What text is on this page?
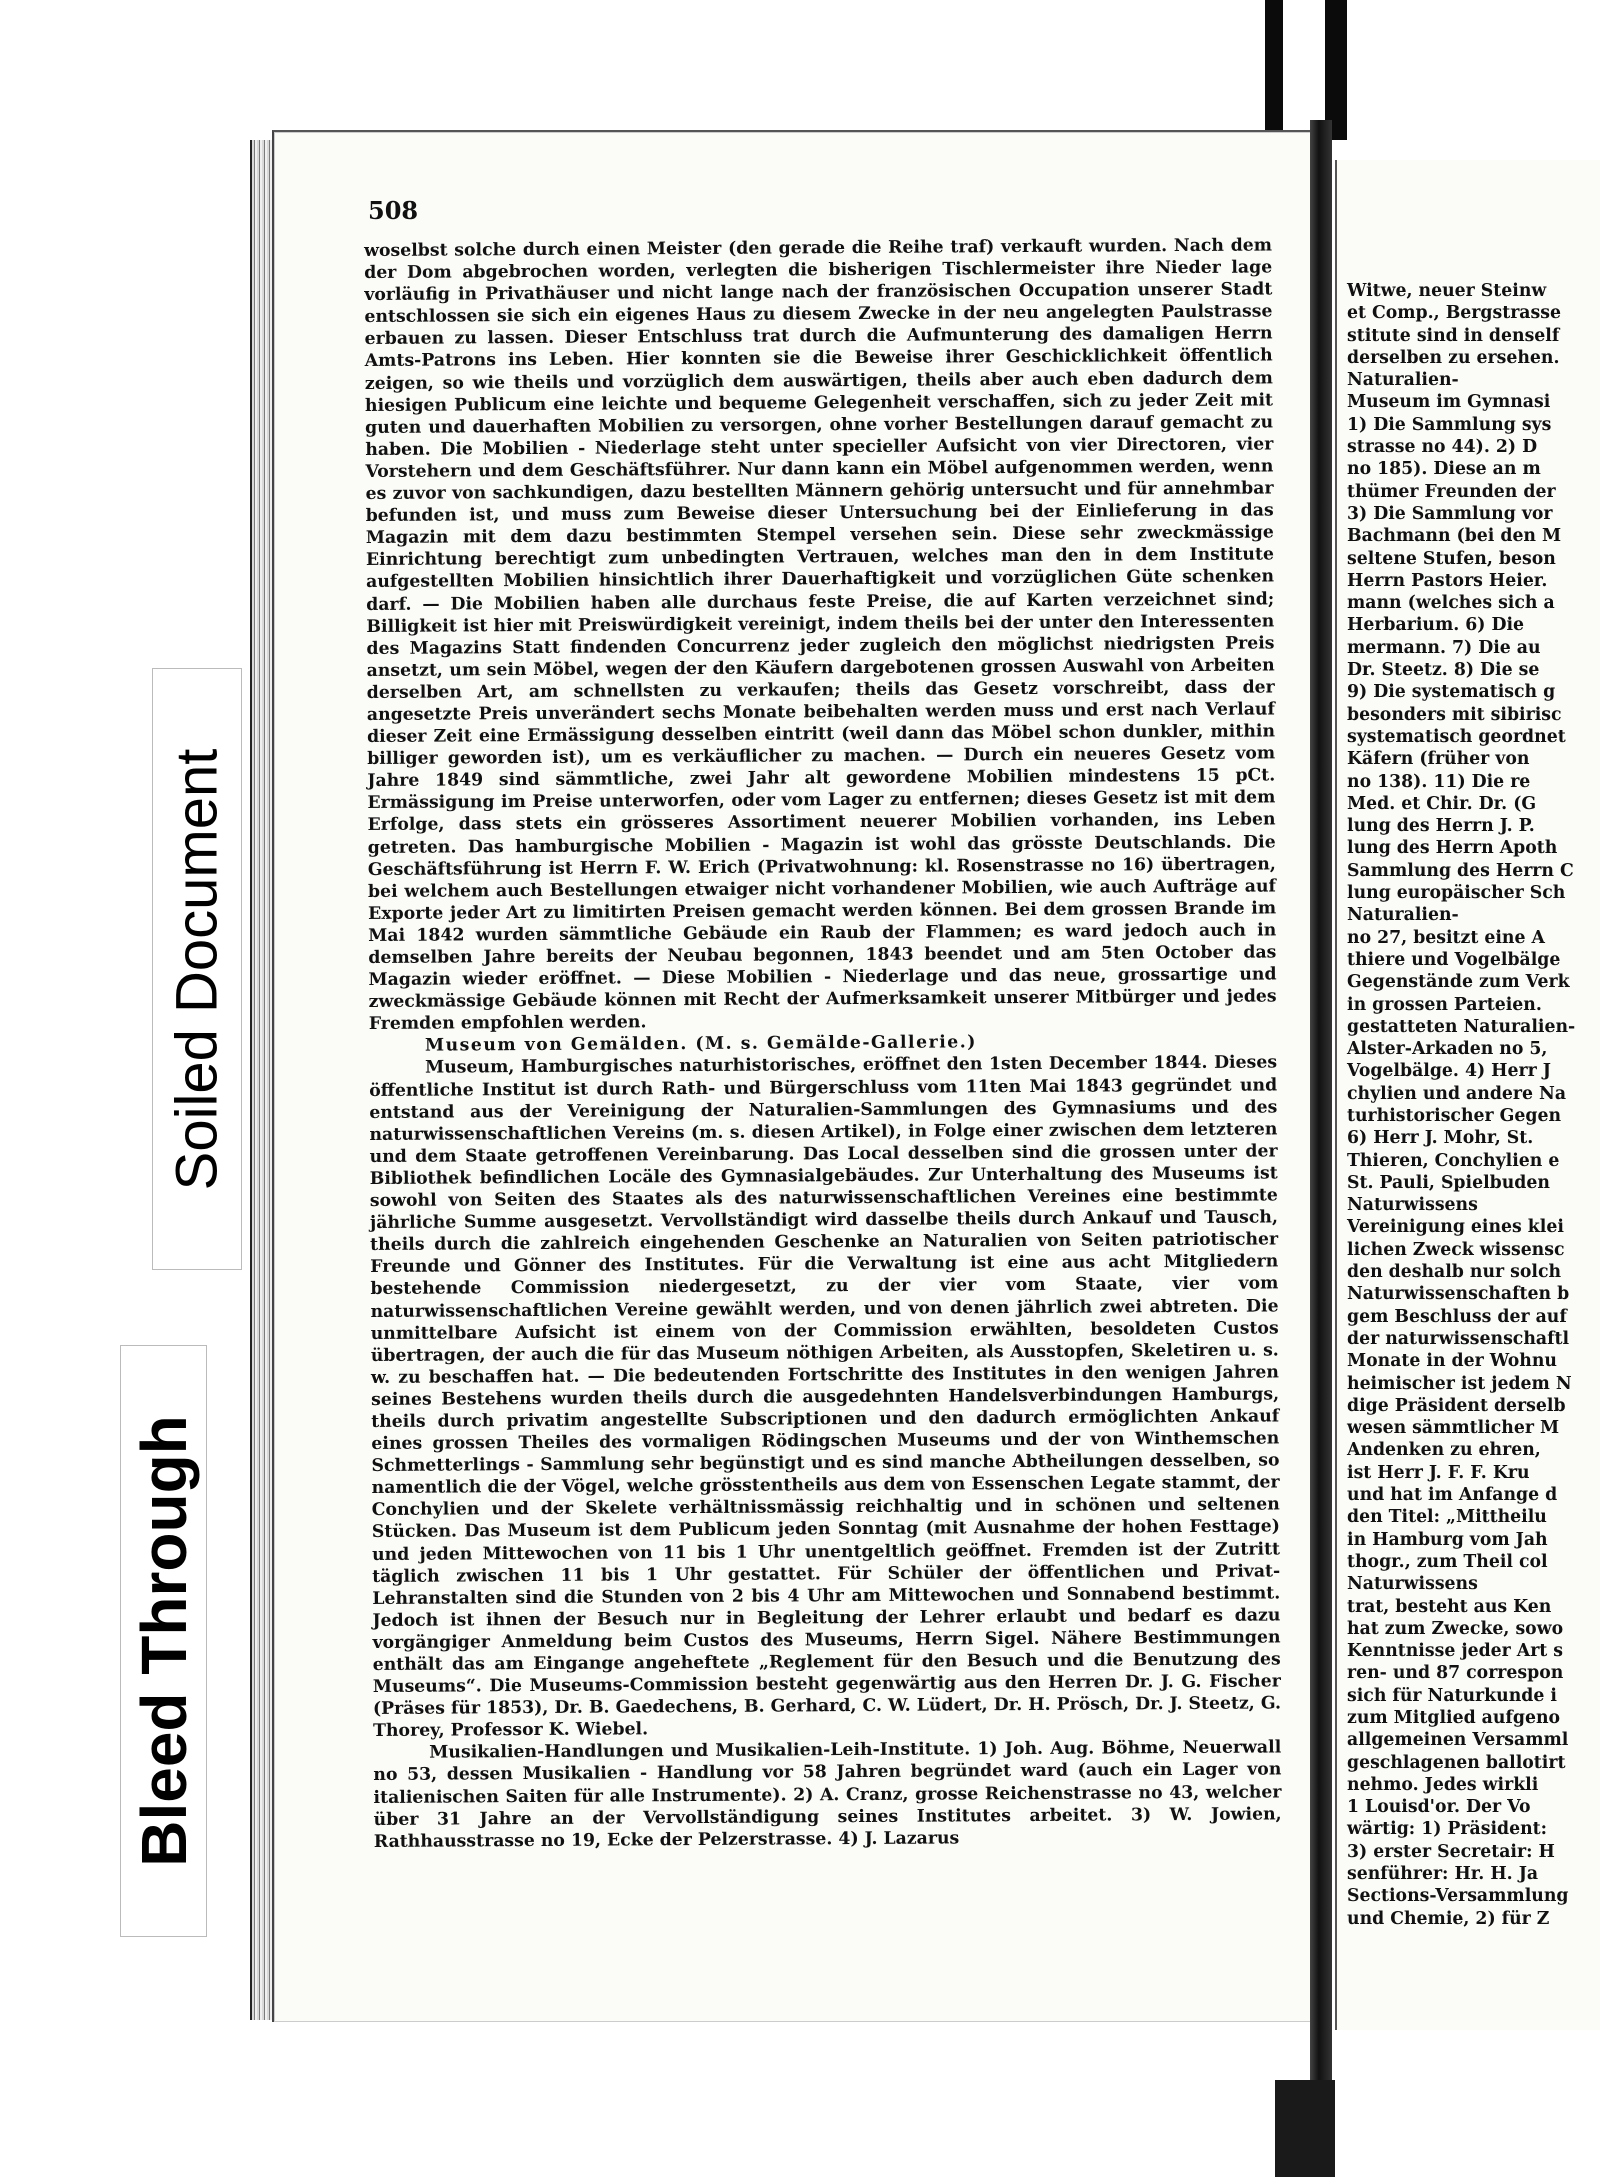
Witwe, neuer Steinw
et Comp., Bergstrasse
stitute sind in denself
derselben zu ersehen.
Naturalien-
Museum im Gymnasi
1) Die Sammlung sys
strasse no 44). 2) D
no 185). Diese an m
thümer Freunden der
3) Die Sammlung vor
Bachmann (bei den M
seltene Stufen, beson
Herrn Pastors Heier.
mann (welches sich a
Herbarium. 6) Die
mermann. 7) Die au
Dr. Steetz. 8) Die se
9) Die systematisch g
besonders mit sibirisc
systematisch geordnet
Käfern (früher von
no 138). 11) Die re
Med. et Chir. Dr. (G
lung des Herrn J. P.
lung des Herrn Apoth
Sammlung des Herrn C
lung europäischer Sch
Naturalien-
no 27, besitzt eine A
thiere und Vogelbälge
Gegenstände zum Verk
in grossen Parteien.
gestatteten Naturalien-
Alster-Arkaden no 5,
Vogelbälge. 4) Herr J
chylien und andere Na
turhistorischer Gegen
6) Herr J. Mohr, St.
Thieren, Conchylien e
St. Pauli, Spielbuden
Naturwissens
Vereinigung eines klei
lichen Zweck wissensc
den deshalb nur solch
Naturwissenschaften b
gem Beschluss der auf
der naturwissenschaftl
Monate in der Wohnu
heimischer ist jedem N
dige Präsident derselb
wesen sämmtlicher M
Andenken zu ehren,
ist Herr J. F. F. Kru
und hat im Anfange d
den Titel: „Mittheilu
in Hamburg vom Jah
thogr., zum Theil col
Naturwissens
trat, besteht aus Ken
hat zum Zwecke, sowo
Kenntnisse jeder Art s
ren- und 87 correspon
sich für Naturkunde i
zum Mitglied aufgeno
allgemeinen Versamml
geschlagenen ballotirt
nehmo. Jedes wirkli
1 Louisd'or. Der Vo
wärtig: 1) Präsident:
3) erster Secretair: H
senführer: Hr. H. Ja
Sections-Versammlung
und Chemie, 2) für Z
508

woselbst solche durch einen Meister (den gerade die Reihe traf) verkauft wurden. Nach dem der Dom abgebrochen worden, verlegten die bisherigen Tischlermeister ihre Nieder lage vorläufig in Privathäuser und nicht lange nach der französischen Occupation unserer Stadt entschlossen sie sich ein eigenes Haus zu diesem Zwecke in der neu angelegten Paulstrasse erbauen zu lassen. Dieser Entschluss trat durch die Aufmunterung des damaligen Herrn Amts-Patrons ins Leben. Hier konnten sie die Beweise ihrer Geschicklichkeit öffentlich zeigen, so wie theils und vorzüglich dem auswärtigen, theils aber auch eben dadurch dem hiesigen Publicum eine leichte und bequeme Gelegenheit verschaffen, sich zu jeder Zeit mit guten und dauerhaften Mobilien zu versorgen, ohne vorher Bestellungen darauf gemacht zu haben. Die Mobilien - Niederlage steht unter specieller Aufsicht von vier Directoren, vier Vorstehern und dem Geschäftsführer. Nur dann kann ein Möbel aufgenommen werden, wenn es zuvor von sachkundigen, dazu bestellten Männern gehörig untersucht und für annehmbar befunden ist, und muss zum Beweise dieser Untersuchung bei der Einlieferung in das Magazin mit dem dazu bestimmten Stempel versehen sein. Diese sehr zweckmässige Einrichtung berechtigt zum unbedingten Vertrauen, welches man den in dem Institute aufgestellten Mobilien hinsichtlich ihrer Dauerhaftigkeit und vorzüglichen Güte schenken darf. — Die Mobilien haben alle durchaus feste Preise, die auf Karten verzeichnet sind; Billigkeit ist hier mit Preiswürdigkeit vereinigt, indem theils bei der unter den Interessenten des Magazins Statt findenden Concurrenz jeder zugleich den möglichst niedrigsten Preis ansetzt, um sein Möbel, wegen der den Käufern dargebotenen grossen Auswahl von Arbeiten derselben Art, am schnellsten zu verkaufen; theils das Gesetz vorschreibt, dass der angesetzte Preis unverändert sechs Monate beibehalten werden muss und erst nach Verlauf dieser Zeit eine Ermässigung desselben eintritt (weil dann das Möbel schon dunkler, mithin billiger geworden ist), um es verkäuflicher zu machen. — Durch ein neueres Gesetz vom Jahre 1849 sind sämmtliche, zwei Jahr alt gewordene Mobilien mindestens 15 pCt. Ermässigung im Preise unterworfen, oder vom Lager zu entfernen; dieses Gesetz ist mit dem Erfolge, dass stets ein grösseres Assortiment neuerer Mobilien vorhanden, ins Leben getreten. Das hamburgische Mobilien - Magazin ist wohl das grösste Deutschlands. Die Geschäftsführung ist Herrn F. W. Erich (Privatwohnung: kl. Rosenstrasse no 16) übertragen, bei welchem auch Bestellungen etwaiger nicht vorhandener Mobilien, wie auch Aufträge auf Exporte jeder Art zu limitirten Preisen gemacht werden können. Bei dem grossen Brande im Mai 1842 wurden sämmtliche Gebäude ein Raub der Flammen; es ward jedoch auch in demselben Jahre bereits der Neubau begonnen, 1843 beendet und am 5ten October das Magazin wieder eröffnet. — Diese Mobilien - Niederlage und das neue, grossartige und zweckmässige Gebäude können mit Recht der Aufmerksamkeit unserer Mitbürger und jedes Fremden empfohlen werden.

Museum von Gemälden. (M. s. Gemälde-Gallerie.)

Museum, Hamburgisches naturhistorisches, eröffnet den 1sten December 1844. Dieses öffentliche Institut ist durch Rath- und Bürgerschluss vom 11ten Mai 1843 gegründet und entstand aus der Vereinigung der Naturalien-Sammlungen des Gymnasiums und des naturwissenschaftlichen Vereins (m. s. diesen Artikel), in Folge einer zwischen dem letzteren und dem Staate getroffenen Vereinbarung. Das Local desselben sind die grossen unter der Bibliothek befindlichen Locäle des Gymnasialgebäudes. Zur Unterhaltung des Museums ist sowohl von Seiten des Staates als des naturwissenschaftlichen Vereines eine bestimmte jährliche Summe ausgesetzt. Vervollständigt wird dasselbe theils durch Ankauf und Tausch, theils durch die zahlreich eingehenden Geschenke an Naturalien von Seiten patriotischer Freunde und Gönner des Institutes. Für die Verwaltung ist eine aus acht Mitgliedern bestehende Commission niedergesetzt, zu der vier vom Staate, vier vom naturwissenschaftlichen Vereine gewählt werden, und von denen jährlich zwei abtreten. Die unmittelbare Aufsicht ist einem von der Commission erwählten, besoldeten Custos übertragen, der auch die für das Museum nöthigen Arbeiten, als Ausstopfen, Skeletiren u. s. w. zu beschaffen hat. — Die bedeutenden Fortschritte des Institutes in den wenigen Jahren seines Bestehens wurden theils durch die ausgedehnten Handelsverbindungen Hamburgs, theils durch privatim angestellte Subscriptionen und den dadurch ermöglichten Ankauf eines grossen Theiles des vormaligen Rödingschen Museums und der von Winthemschen Schmetterlings - Sammlung sehr begünstigt und es sind manche Abtheilungen desselben, so namentlich die der Vögel, welche grösstentheils aus dem von Essenschen Legate stammt, der Conchylien und der Skelete verhältnissmässig reichhaltig und in schönen und seltenen Stücken. Das Museum ist dem Publicum jeden Sonntag (mit Ausnahme der hohen Festtage) und jeden Mittewochen von 11 bis 1 Uhr unentgeltlich geöffnet. Fremden ist der Zutritt täglich zwischen 11 bis 1 Uhr gestattet. Für Schüler der öffentlichen und Privat-Lehranstalten sind die Stunden von 2 bis 4 Uhr am Mittewochen und Sonnabend bestimmt. Jedoch ist ihnen der Besuch nur in Begleitung der Lehrer erlaubt und bedarf es dazu vorgängiger Anmeldung beim Custos des Museums, Herrn Sigel. Nähere Bestimmungen enthält das am Eingange angeheftete „Reglement für den Besuch und die Benutzung des Museums“. Die Museums-Commission besteht gegenwärtig aus den Herren Dr. J. G. Fischer (Präses für 1853), Dr. B. Gaedechens, B. Gerhard, C. W. Lüdert, Dr. H. Prösch, Dr. J. Steetz, G. Thorey, Professor K. Wiebel.

Musikalien-Handlungen und Musikalien-Leih-Institute. 1) Joh. Aug. Böhme, Neuerwall no 53, dessen Musikalien - Handlung vor 58 Jahren begründet ward (auch ein Lager von italienischen Saiten für alle Instrumente). 2) A. Cranz, grosse Reichenstrasse no 43, welcher über 31 Jahre an der Vervollständigung seines Institutes arbeitet. 3) W. Jowien, Rathhausstrasse no 19, Ecke der Pelzerstrasse. 4) J. Lazarus

Soiled Document
Bleed Through
